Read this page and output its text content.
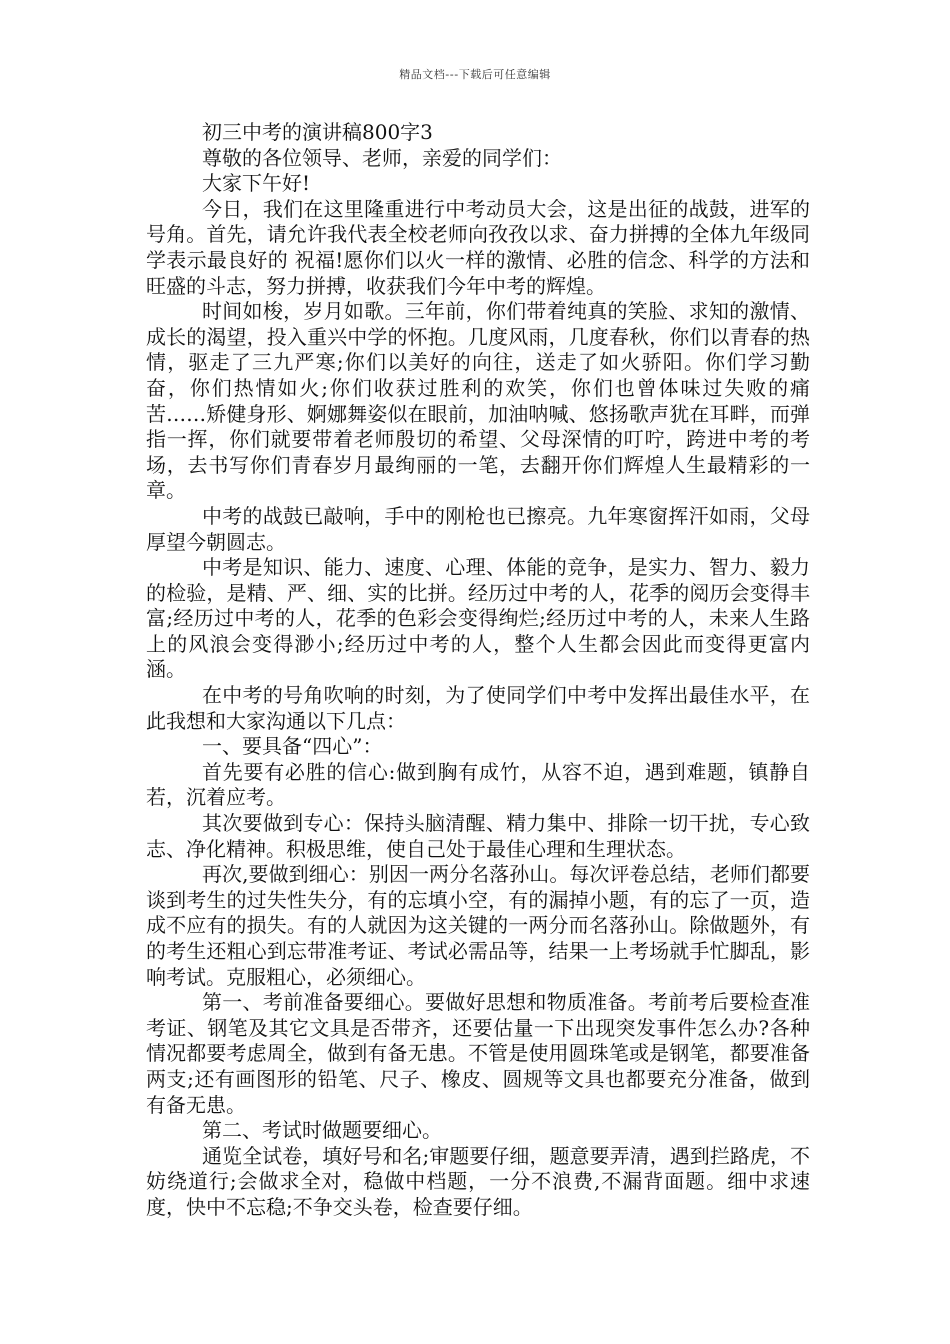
精品文档---下载后可任意编辑

初三中考的演讲稿800字3

尊敬的各位领导、老师，亲爱的同学们：

大家下午好!

今日，我们在这里隆重进行中考动员大会，这是出征的战鼓，进军的号角。首先，请允许我代表全校老师向孜孜以求、奋力拼搏的全体九年级同学表示最良好的 祝福!愿你们以火一样的激情、必胜的信念、科学的方法和旺盛的斗志，努力拼搏，收获我们今年中考的辉煌。

时间如梭，岁月如歌。三年前，你们带着纯真的笑脸、求知的激情、成长的渴望，投入重兴中学的怀抱。几度风雨，几度春秋，你们以青春的热情，驱走了三九严寒;你们以美好的向往，送走了如火骄阳。你们学习勤奋，你们热情如火;你们收获过胜利的欢笑，你们也曾体味过失败的痛苦……矫健身形、婀娜舞姿似在眼前，加油呐喊、悠扬歌声犹在耳畔，而弹指一挥，你们就要带着老师殷切的希望、父母深情的叮咛，跨进中考的考场，去书写你们青春岁月最绚丽的一笔，去翻开你们辉煌人生最精彩的一章。

中考的战鼓已敲响，手中的刚枪也已擦亮。九年寒窗挥汗如雨，父母厚望今朝圆志。

中考是知识、能力、速度、心理、体能的竞争，是实力、智力、毅力的检验，是精、严、细、实的比拼。经历过中考的人，花季的阅历会变得丰富;经历过中考的人，花季的色彩会变得绚烂;经历过中考的人，未来人生路上的风浪会变得渺小;经历过中考的人，整个人生都会因此而变得更富内涵。

在中考的号角吹响的时刻，为了使同学们中考中发挥出最佳水平，在此我想和大家沟通以下几点：

一、要具备“四心”：

首先要有必胜的信心:做到胸有成竹，从容不迫，遇到难题，镇静自若，沉着应考。

其次要做到专心：保持头脑清醒、精力集中、排除一切干扰，专心致志、净化精神。积极思维，使自己处于最佳心理和生理状态。

再次,要做到细心：别因一两分名落孙山。每次评卷总结，老师们都要谈到考生的过失性失分，有的忘填小空，有的漏掉小题，有的忘了一页，造成不应有的损失。有的人就因为这关键的一两分而名落孙山。除做题外，有的考生还粗心到忘带准考证、考试必需品等，结果一上考场就手忙脚乱，影响考试。克服粗心，必须细心。

第一、考前准备要细心。要做好思想和物质准备。考前考后要检查准考证、钢笔及其它文具是否带齐，还要估量一下出现突发事件怎么办?各种情况都要考虑周全，做到有备无患。不管是使用圆珠笔或是钢笔，都要准备两支;还有画图形的铅笔、尺子、橡皮、圆规等文具也都要充分准备，做到有备无患。

第二、考试时做题要细心。

通览全试卷，填好号和名;审题要仔细，题意要弄清，遇到拦路虎，不妨绕道行;会做求全对，稳做中档题，一分不浪费,不漏背面题。细中求速度，快中不忘稳;不争交头卷，检查要仔细。
